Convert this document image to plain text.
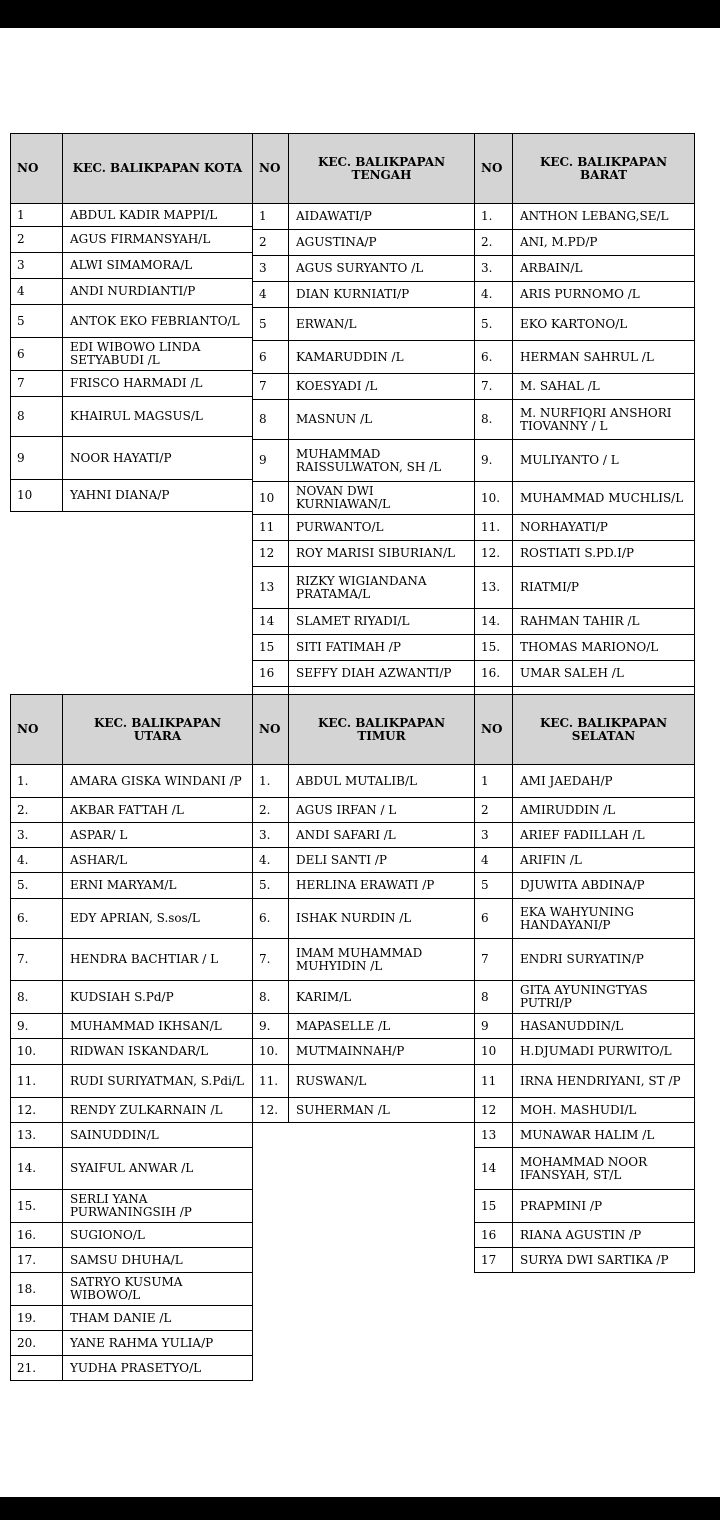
NO	KEC. BALIKPAPAN KOTA
1	ABDUL KADIR MAPPI/L
2	AGUS FIRMANSYAH/L
3	ALWI SIMAMORA/L
4	ANDI NURDIANTI/P
5	ANTOK EKO FEBRIANTO/L
6	EDI WIBOWO LINDA SETYABUDI /L
7	FRISCO HARMADI /L
8	KHAIRUL MAGSUS/L
9	NOOR HAYATI/P
10	YAHNI DIANA/P
NO	KEC. BALIKPAPAN TENGAH
1	AIDAWATI/P
2	AGUSTINA/P
3	AGUS SURYANTO /L
4	DIAN KURNIATI/P
5	ERWAN/L
6	KAMARUDDIN /L
7	KOESYADI /L
8	MASNUN /L
9	MUHAMMAD RAISSULWATON, SH /L
10	NOVAN DWI KURNIAWAN/L
11	PURWANTO/L
12	ROY MARISI SIBURIAN/L
13	RIZKY WIGIANDANA PRATAMA/L
14	SLAMET RIYADI/L
15	SITI FATIMAH /P
16	SEFFY DIAH AZWANTI/P

NO	KEC. BALIKPAPAN BARAT
1.	ANTHON LEBANG,SE/L
2.	ANI, M.PD/P
3.	ARBAIN/L
4.	ARIS PURNOMO /L
5.	EKO KARTONO/L
6.	HERMAN SAHRUL /L
7.	M. SAHAL /L
8.	M. NURFIQRI ANSHORI TIOVANNY / L
9.	MULIYANTO / L
10.	MUHAMMAD MUCHLIS/L
11.	NORHAYATI/P
12.	ROSTIATI S.PD.I/P
13.	RIATMI/P
14.	RAHMAN TAHIR /L
15.	THOMAS MARIONO/L
16.	UMAR SALEH /L

NO	KEC. BALIKPAPAN UTARA
1.	AMARA GISKA WINDANI /P
2.	AKBAR FATTAH /L
3.	ASPAR/ L
4.	ASHAR/L
5.	ERNI MARYAM/L
6.	EDY APRIAN, S.sos/L
7.	HENDRA BACHTIAR / L
8.	KUDSIAH S.Pd/P
9.	MUHAMMAD IKHSAN/L
10.	RIDWAN ISKANDAR/L
11.	RUDI SURIYATMAN, S.Pdi/L
12.	RENDY ZULKARNAIN /L
13.	SAINUDDIN/L
14.	SYAIFUL ANWAR /L
15.	SERLI YANA PURWANINGSIH /P
16.	SUGIONO/L
17.	SAMSU DHUHA/L
18.	SATRYO KUSUMA WIBOWO/L
19.	THAM DANIE /L
20.	YANE RAHMA YULIA/P
21.	YUDHA PRASETYO/L
NO	KEC. BALIKPAPAN TIMUR
1.	ABDUL MUTALIB/L
2.	AGUS IRFAN / L
3.	ANDI SAFARI /L
4.	DELI SANTI /P
5.	HERLINA ERAWATI /P
6.	ISHAK NURDIN /L
7.	IMAM MUHAMMAD MUHYIDIN /L
8.	KARIM/L
9.	MAPASELLE /L
10.	MUTMAINNAH/P
11.	RUSWAN/L
12.	SUHERMAN /L
NO	KEC. BALIKPAPAN SELATAN
1	AMI JAEDAH/P
2	AMIRUDDIN /L
3	ARIEF FADILLAH /L
4	ARIFIN /L
5	DJUWITA ABDINA/P
6	EKA WAHYUNING HANDAYANI/P
7	ENDRI SURYATIN/P
8	GITA AYUNINGTYAS PUTRI/P
9	HASANUDDIN/L
10	H.DJUMADI PURWITO/L
11	IRNA HENDRIYANI, ST /P
12	MOH. MASHUDI/L
13	MUNAWAR HALIM /L
14	MOHAMMAD NOOR IFANSYAH, ST/L
15	PRAPMINI /P
16	RIANA AGUSTIN /P
17	SURYA DWI SARTIKA /P
